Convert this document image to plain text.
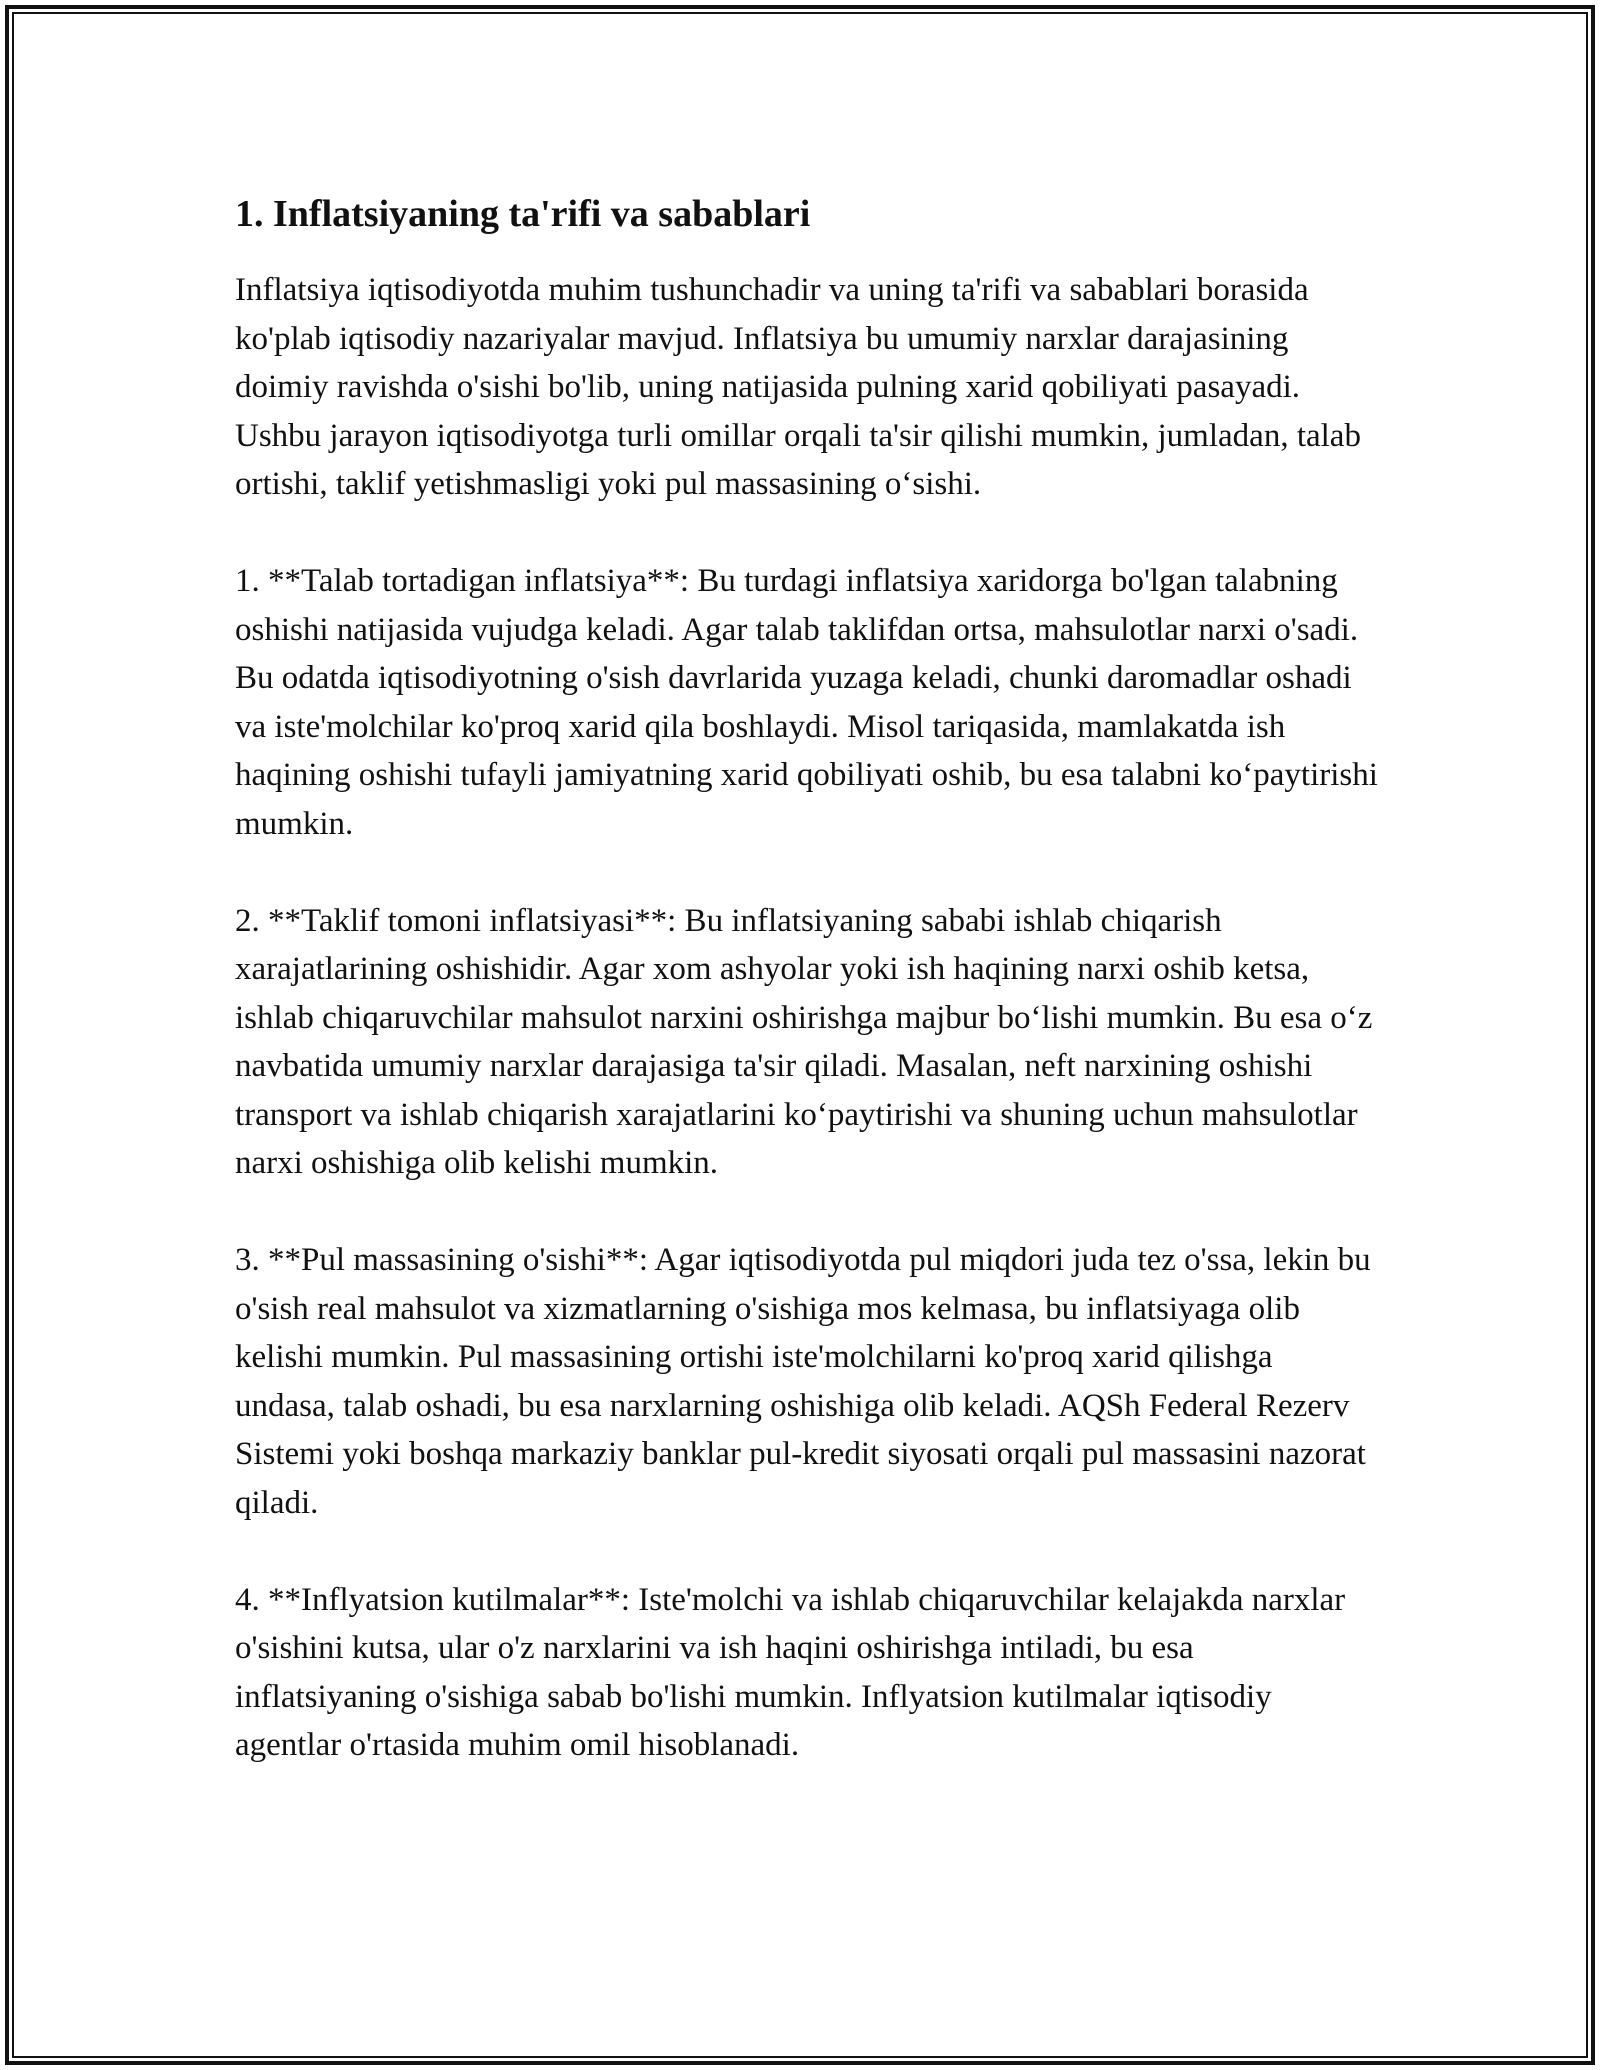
1. Inflatsiyaning ta'rifi va sabablari

Inflatsiya iqtisodiyotda muhim tushunchadir va uning ta'rifi va sabablari borasida ko'plab iqtisodiy nazariyalar mavjud. Inflatsiya bu umumiy narxlar darajasining doimiy ravishda o'sishi bo'lib, uning natijasida pulning xarid qobiliyati pasayadi. Ushbu jarayon iqtisodiyotga turli omillar orqali ta'sir qilishi mumkin, jumladan, talab ortishi, taklif yetishmasligi yoki pul massasining o‘sishi.

1. **Talab tortadigan inflatsiya**: Bu turdagi inflatsiya xaridorga bo'lgan talabning oshishi natijasida vujudga keladi. Agar talab taklifdan ortsa, mahsulotlar narxi o'sadi. Bu odatda iqtisodiyotning o'sish davrlarida yuzaga keladi, chunki daromadlar oshadi va iste'molchilar ko'proq xarid qila boshlaydi. Misol tariqasida, mamlakatda ish haqining oshishi tufayli jamiyatning xarid qobiliyati oshib, bu esa talabni ko‘paytirishi mumkin.

2. **Taklif tomoni inflatsiyasi**: Bu inflatsiyaning sababi ishlab chiqarish xarajatlarining oshishidir. Agar xom ashyolar yoki ish haqining narxi oshib ketsa, ishlab chiqaruvchilar mahsulot narxini oshirishga majbur bo‘lishi mumkin. Bu esa o‘z navbatida umumiy narxlar darajasiga ta'sir qiladi. Masalan, neft narxining oshishi transport va ishlab chiqarish xarajatlarini ko‘paytirishi va shuning uchun mahsulotlar narxi oshishiga olib kelishi mumkin.

3. **Pul massasining o'sishi**: Agar iqtisodiyotda pul miqdori juda tez o'ssa, lekin bu o'sish real mahsulot va xizmatlarning o'sishiga mos kelmasa, bu inflatsiyaga olib kelishi mumkin. Pul massasining ortishi iste'molchilarni ko'proq xarid qilishga undasa, talab oshadi, bu esa narxlarning oshishiga olib keladi. AQSh Federal Rezerv Sistemi yoki boshqa markaziy banklar pul-kredit siyosati orqali pul massasini nazorat qiladi.

4. **Inflyatsion kutilmalar**: Iste'molchi va ishlab chiqaruvchilar kelajakda narxlar o'sishini kutsa, ular o'z narxlarini va ish haqini oshirishga intiladi, bu esa inflatsiyaning o'sishiga sabab bo'lishi mumkin. Inflyatsion kutilmalar iqtisodiy agentlar o'rtasida muhim omil hisoblanadi.
